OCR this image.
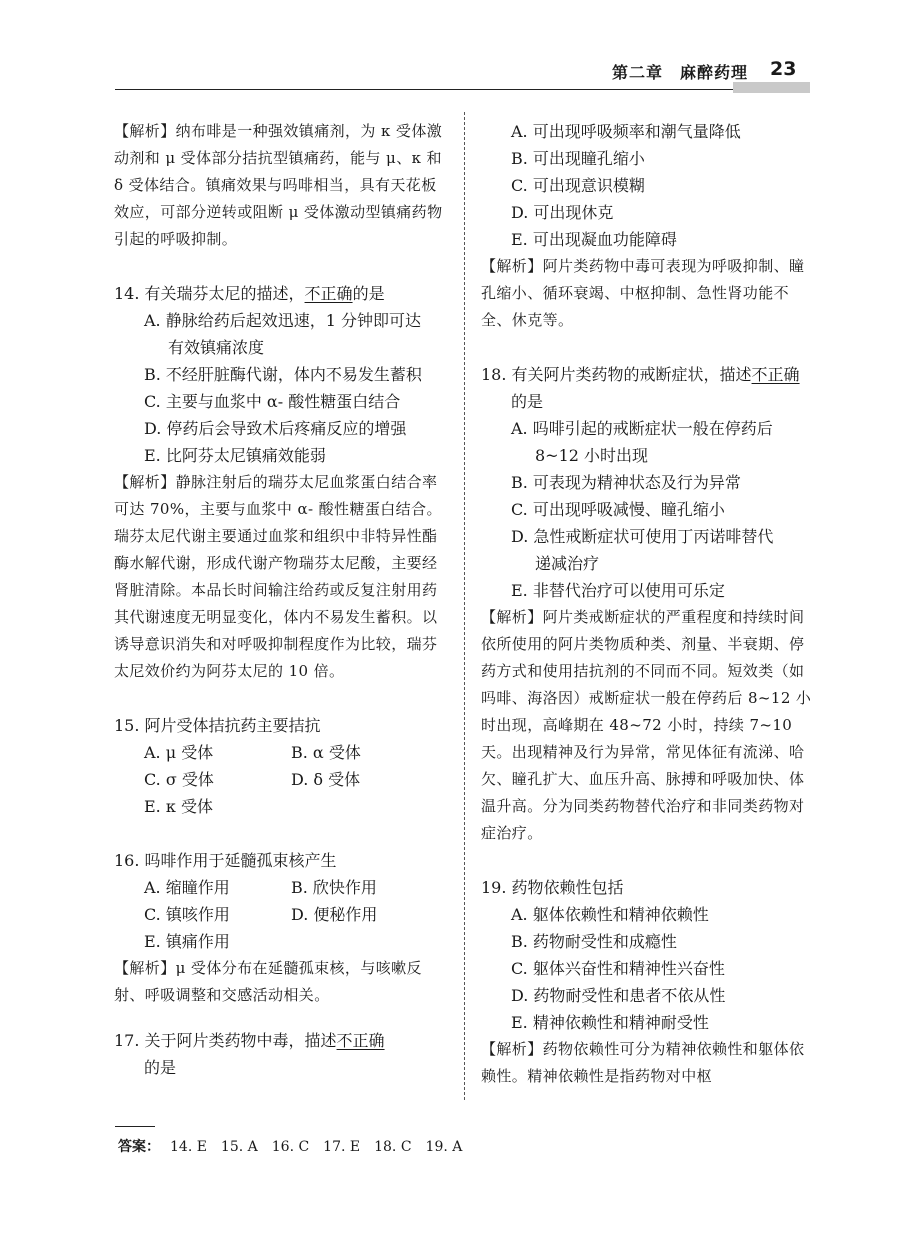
第二章　麻醉药理 23

【解析】纳布啡是一种强效镇痛剂，为 κ 受体激动剂和 μ 受体部分拮抗型镇痛药，能与 μ、κ 和 δ 受体结合。镇痛效果与吗啡相当，具有天花板效应，可部分逆转或阻断 μ 受体激动型镇痛药物引起的呼吸抑制。

14. 有关瑞芬太尼的描述，不正确的是

A. 静脉给药后起效迅速，1 分钟即可达
有效镇痛浓度

B. 不经肝脏酶代谢，体内不易发生蓄积

C. 主要与血浆中 α- 酸性糖蛋白结合

D. 停药后会导致术后疼痛反应的增强

E. 比阿芬太尼镇痛效能弱

【解析】静脉注射后的瑞芬太尼血浆蛋白结合率可达 70%，主要与血浆中 α- 酸性糖蛋白结合。瑞芬太尼代谢主要通过血浆和组织中非特异性酯酶水解代谢，形成代谢产物瑞芬太尼酸，主要经肾脏清除。本品长时间输注给药或反复注射用药其代谢速度无明显变化，体内不易发生蓄积。以诱导意识消失和对呼吸抑制程度作为比较，瑞芬太尼效价约为阿芬太尼的 10 倍。

15. 阿片受体拮抗药主要拮抗

A. μ 受体	B. α 受体
C. σ 受体	D. δ 受体

E. κ 受体

16. 吗啡作用于延髓孤束核产生

A. 缩瞳作用	B. 欣快作用
C. 镇咳作用	D. 便秘作用

E. 镇痛作用

【解析】μ 受体分布在延髓孤束核，与咳嗽反射、呼吸调整和交感活动相关。

17. 关于阿片类药物中毒，描述不正确
的是

A. 可出现呼吸频率和潮气量降低

B. 可出现瞳孔缩小

C. 可出现意识模糊

D. 可出现休克

E. 可出现凝血功能障碍

【解析】阿片类药物中毒可表现为呼吸抑制、瞳孔缩小、循环衰竭、中枢抑制、急性肾功能不全、休克等。

18. 有关阿片类药物的戒断症状，描述不正确
的是

A. 吗啡引起的戒断症状一般在停药后
8~12 小时出现

B. 可表现为精神状态及行为异常

C. 可出现呼吸减慢、瞳孔缩小

D. 急性戒断症状可使用丁丙诺啡替代
递减治疗

E. 非替代治疗可以使用可乐定

【解析】阿片类戒断症状的严重程度和持续时间依所使用的阿片类物质种类、剂量、半衰期、停药方式和使用拮抗剂的不同而不同。短效类（如吗啡、海洛因）戒断症状一般在停药后 8~12 小时出现，高峰期在 48~72 小时，持续 7~10 天。出现精神及行为异常，常见体征有流涕、哈欠、瞳孔扩大、血压升高、脉搏和呼吸加快、体温升高。分为同类药物替代治疗和非同类药物对症治疗。

19. 药物依赖性包括

A. 躯体依赖性和精神依赖性

B. 药物耐受性和成瘾性

C. 躯体兴奋性和精神性兴奋性

D. 药物耐受性和患者不依从性

E. 精神依赖性和精神耐受性

【解析】药物依赖性可分为精神依赖性和躯体依赖性。精神依赖性是指药物对中枢

答案： 14. E　15. A　16. C　17. E　18. C　19. A
